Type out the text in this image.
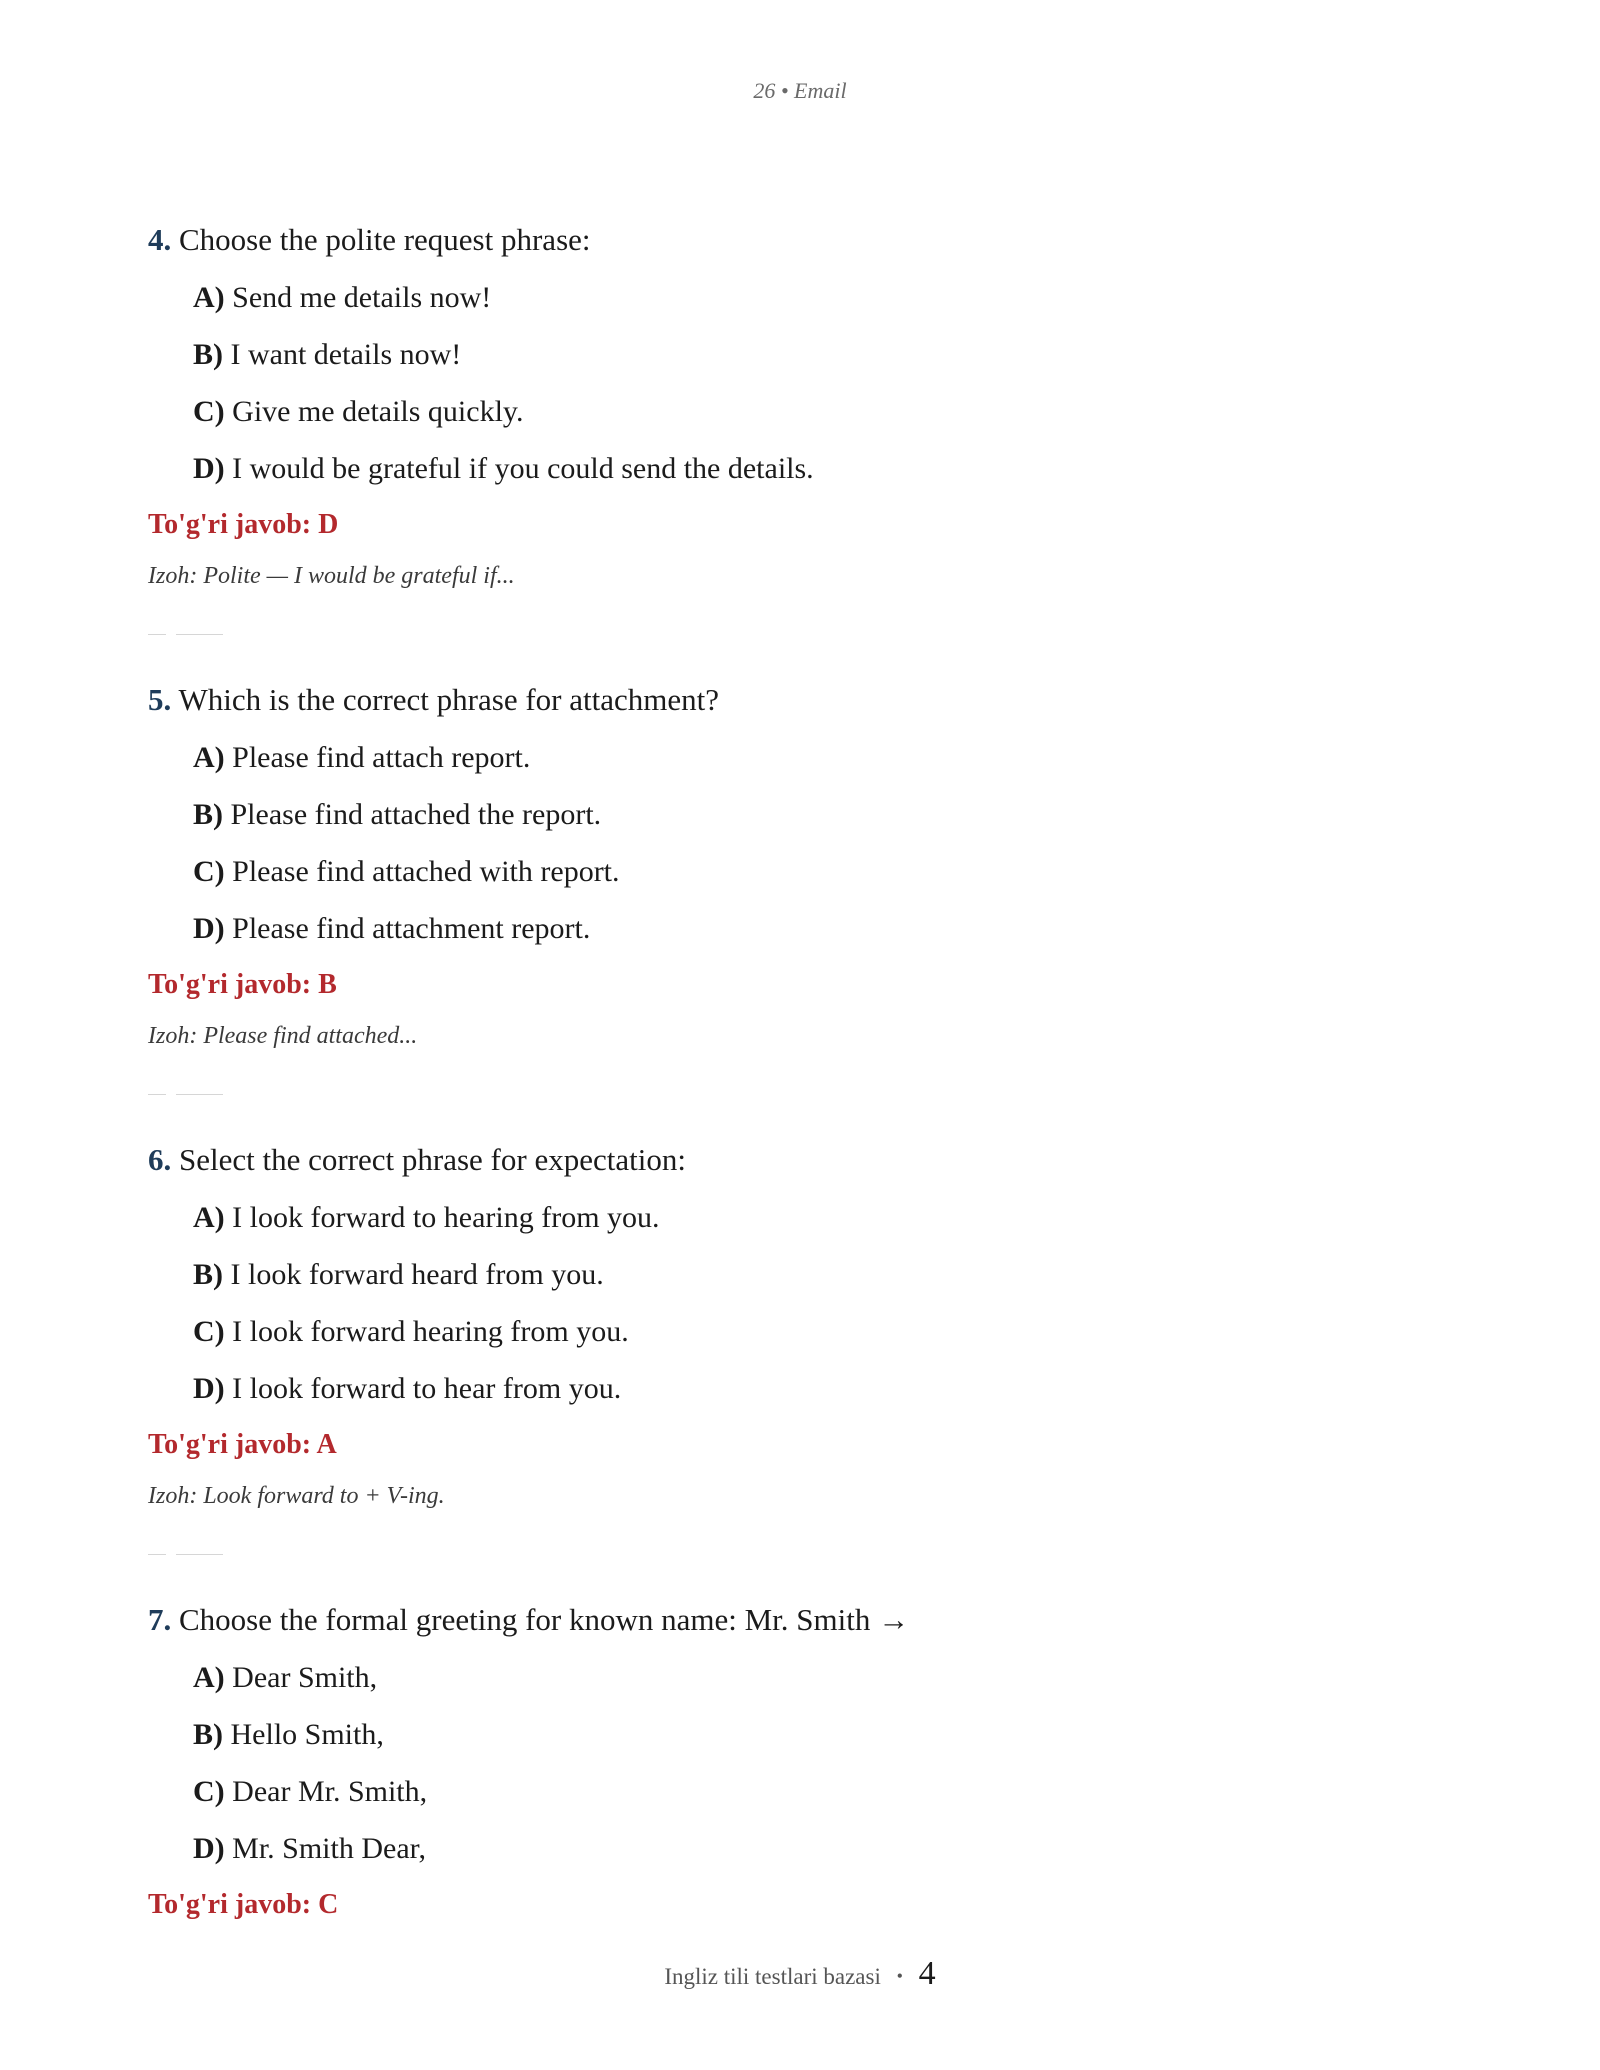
26 • Email

4. Choose the polite request phrase:

A) Send me details now!

B) I want details now!

C) Give me details quickly.

D) I would be grateful if you could send the details.

To'g'ri javob: D

Izoh: Polite — I would be grateful if...

5. Which is the correct phrase for attachment?

A) Please find attach report.

B) Please find attached the report.

C) Please find attached with report.

D) Please find attachment report.

To'g'ri javob: B

Izoh: Please find attached...

6. Select the correct phrase for expectation:

A) I look forward to hearing from you.

B) I look forward heard from you.

C) I look forward hearing from you.

D) I look forward to hear from you.

To'g'ri javob: A

Izoh: Look forward to + V-ing.

7. Choose the formal greeting for known name: Mr. Smith →

A) Dear Smith,

B) Hello Smith,

C) Dear Mr. Smith,

D) Mr. Smith Dear,

To'g'ri javob: C

Ingliz tili testlari bazasi • 4
